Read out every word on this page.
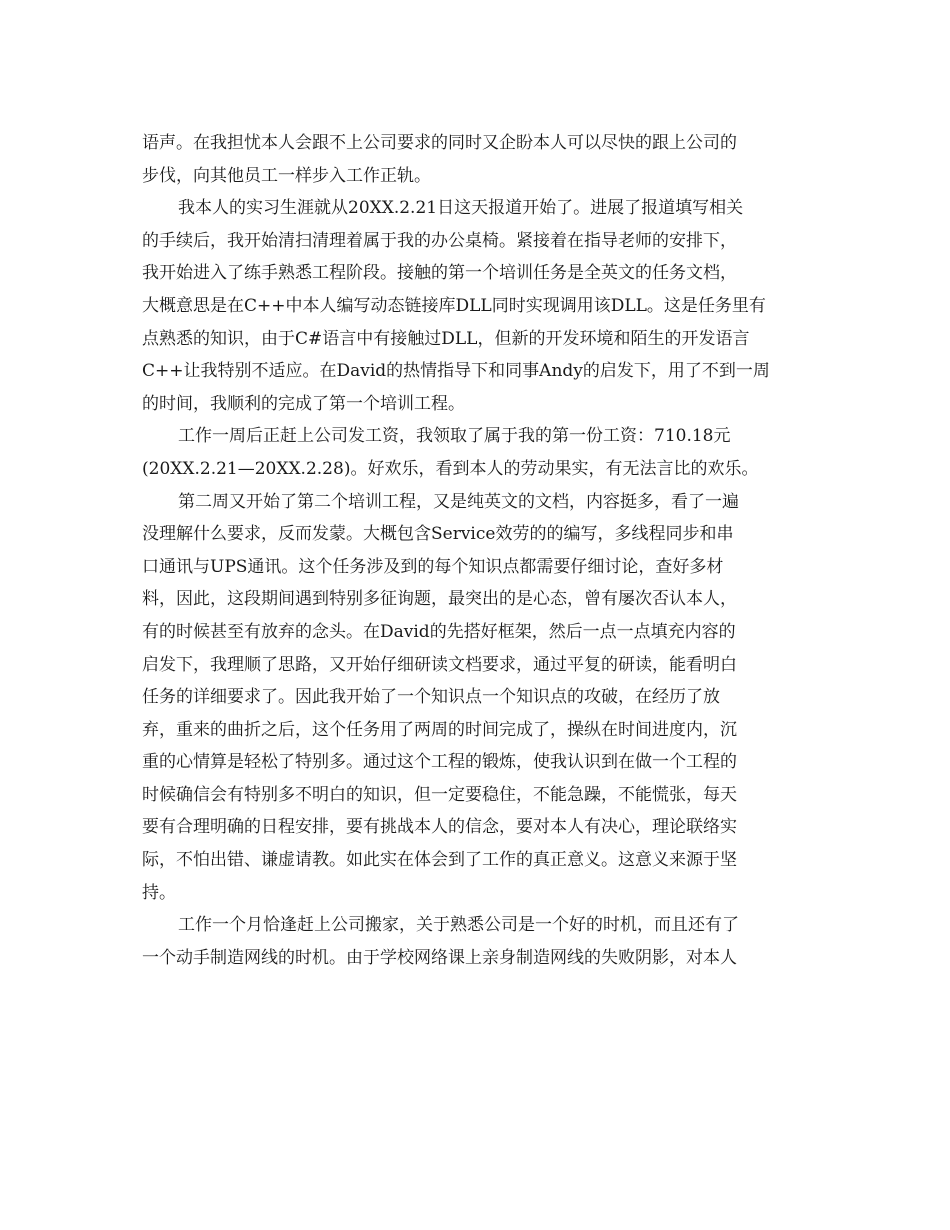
语声。在我担忧本人会跟不上公司要求的同时又企盼本人可以尽快的跟上公司的
步伐，向其他员工一样步入工作正轨。
我本人的实习生涯就从20XX.2.21日这天报道开始了。进展了报道填写相关
的手续后，我开始清扫清理着属于我的办公桌椅。紧接着在指导老师的安排下，
我开始进入了练手熟悉工程阶段。接触的第一个培训任务是全英文的任务文档，
大概意思是在C++中本人编写动态链接库DLL同时实现调用该DLL。这是任务里有
点熟悉的知识，由于C#语言中有接触过DLL，但新的开发环境和陌生的开发语言
C++让我特别不适应。在David的热情指导下和同事Andy的启发下，用了不到一周
的时间，我顺利的完成了第一个培训工程。
工作一周后正赶上公司发工资，我领取了属于我的第一份工资：710.18元
(20XX.2.21—20XX.2.28)。好欢乐，看到本人的劳动果实，有无法言比的欢乐。
第二周又开始了第二个培训工程，又是纯英文的文档，内容挺多，看了一遍
没理解什么要求，反而发蒙。大概包含Service效劳的的编写，多线程同步和串
口通讯与UPS通讯。这个任务涉及到的每个知识点都需要仔细讨论，查好多材
料，因此，这段期间遇到特别多征询题，最突出的是心态，曾有屡次否认本人，
有的时候甚至有放弃的念头。在David的先搭好框架，然后一点一点填充内容的
启发下，我理顺了思路，又开始仔细研读文档要求，通过平复的研读，能看明白
任务的详细要求了。因此我开始了一个知识点一个知识点的攻破，在经历了放
弃，重来的曲折之后，这个任务用了两周的时间完成了，操纵在时间进度内，沉
重的心情算是轻松了特别多。通过这个工程的锻炼，使我认识到在做一个工程的
时候确信会有特别多不明白的知识，但一定要稳住，不能急躁，不能慌张，每天
要有合理明确的日程安排，要有挑战本人的信念，要对本人有决心，理论联络实
际，不怕出错、谦虚请教。如此实在体会到了工作的真正意义。这意义来源于坚
持。
工作一个月恰逢赶上公司搬家，关于熟悉公司是一个好的时机，而且还有了
一个动手制造网线的时机。由于学校网络课上亲身制造网线的失败阴影，对本人
